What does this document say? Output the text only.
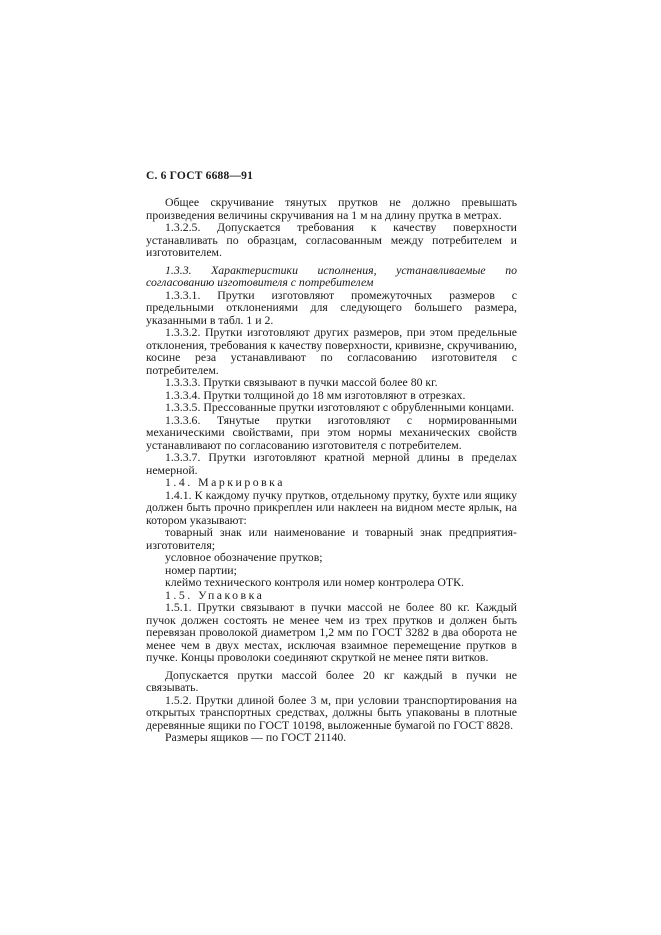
С. 6 ГОСТ 6688—91

Общее скручивание тянутых прутков не должно превышать произведения величины скручивания на 1 м на длину прутка в метрах.

1.3.2.5. Допускается требования к качеству поверхности устанавливать по образцам, согласованным между потребителем и изготовителем.

1.3.3. Характеристики исполнения, устанавливаемые по согласованию изготовителя с потребителем

1.3.3.1. Прутки изготовляют промежуточных размеров с предельными отклонениями для следующего большего размера, указанными в табл. 1 и 2.

1.3.3.2. Прутки изготовляют других размеров, при этом предельные отклонения, требования к качеству поверхности, кривизне, скручиванию, косине реза устанавливают по согласованию изготовителя с потребителем.

1.3.3.3. Прутки связывают в пучки массой более 80 кг.

1.3.3.4. Прутки толщиной до 18 мм изготовляют в отрезках.

1.3.3.5. Прессованные прутки изготовляют с обрубленными концами.

1.3.3.6. Тянутые прутки изготовляют с нормированными механическими свойствами, при этом нормы механических свойств устанавливают по согласованию изготовителя с потребителем.

1.3.3.7. Прутки изготовляют кратной мерной длины в пределах немерной.

1.4. Маркировка

1.4.1. К каждому пучку прутков, отдельному прутку, бухте или ящику должен быть прочно прикреплен или наклеен на видном месте ярлык, на котором указывают:

товарный знак или наименование и товарный знак предприятия-изготовителя;

условное обозначение прутков;

номер партии;

клеймо технического контроля или номер контролера ОТК.

1.5. Упаковка

1.5.1. Прутки связывают в пучки массой не более 80 кг. Каждый пучок должен состоять не менее чем из трех прутков и должен быть перевязан проволокой диаметром 1,2 мм по ГОСТ 3282 в два оборота не менее чем в двух местах, исключая взаимное перемещение прутков в пучке. Концы проволоки соединяют скруткой не менее пяти витков.

Допускается прутки массой более 20 кг каждый в пучки не связывать.

1.5.2. Прутки длиной более 3 м, при условии транспортирования на открытых транспортных средствах, должны быть упакованы в плотные деревянные ящики по ГОСТ 10198, выложенные бумагой по ГОСТ 8828.

Размеры ящиков — по ГОСТ 21140.
